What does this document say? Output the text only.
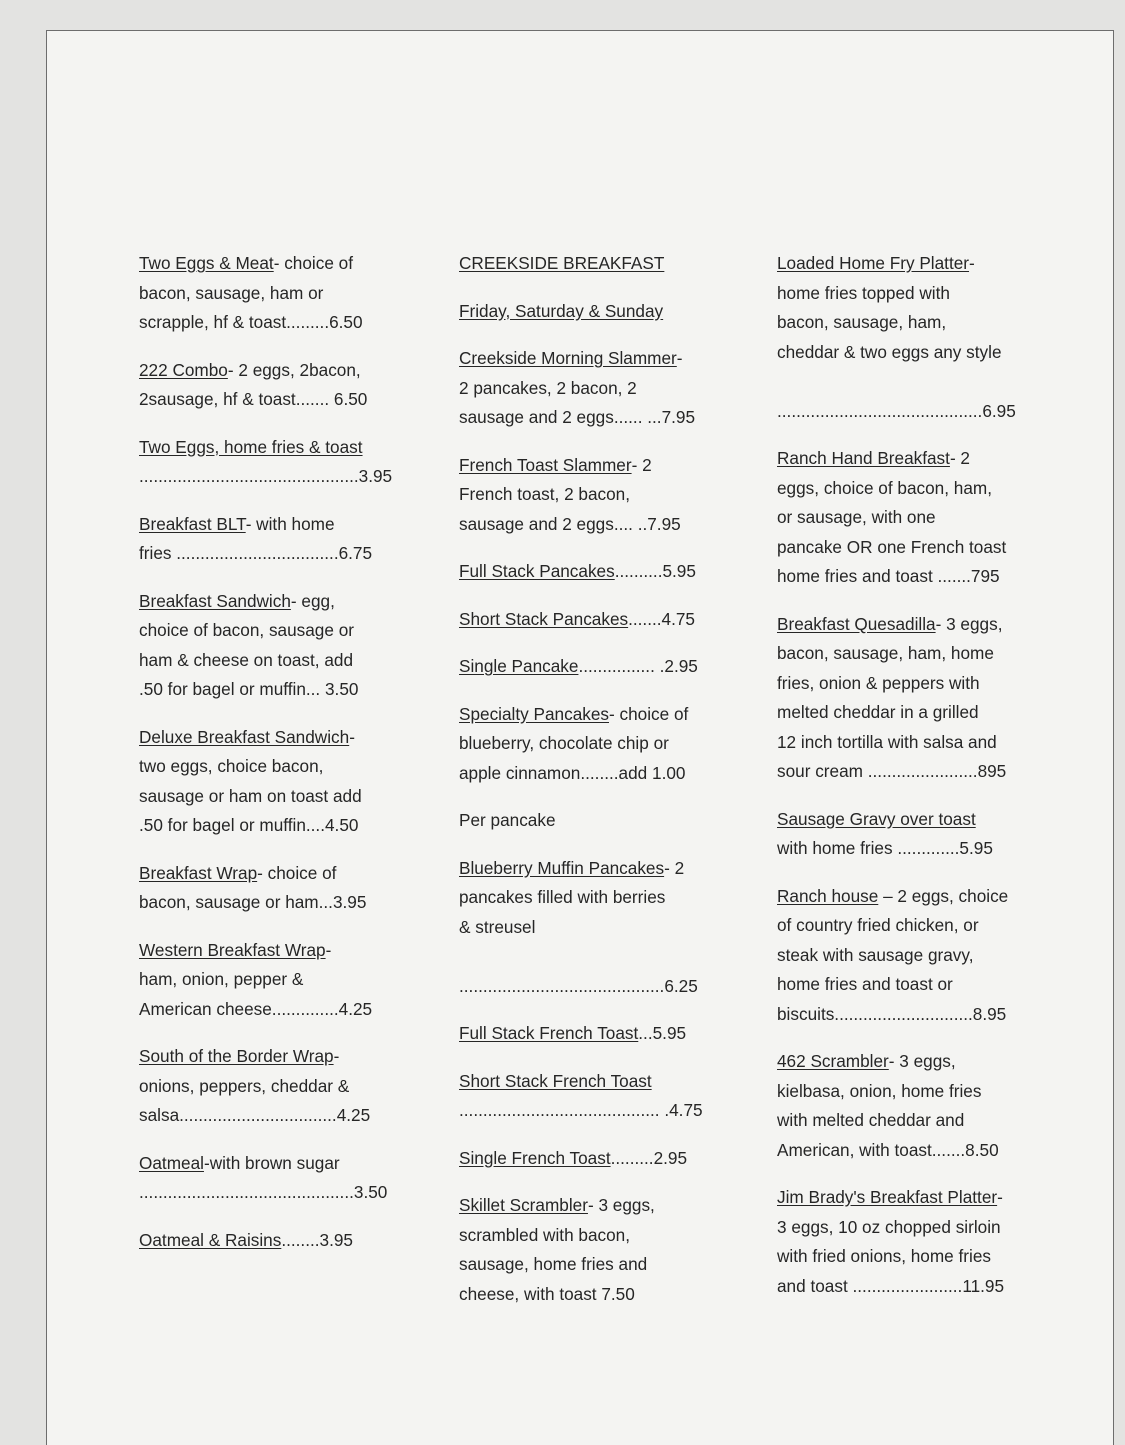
Two Eggs & Meat- choice of
bacon, sausage, ham or
scrapple, hf & toast.........6.50
222 Combo- 2 eggs, 2bacon,
2sausage, hf & toast....... 6.50
Two Eggs, home fries & toast
..............................................3.95
Breakfast BLT- with home
fries ..................................6.75
Breakfast Sandwich- egg,
choice of bacon, sausage or
ham & cheese on toast, add
.50 for bagel or muffin... 3.50
Deluxe Breakfast Sandwich-
two eggs, choice bacon,
sausage or ham on toast add
.50 for bagel or muffin....4.50
Breakfast Wrap- choice of
bacon, sausage or ham...3.95
Western Breakfast Wrap-
ham, onion, pepper &
American cheese..............4.25
South of the Border Wrap-
onions, peppers, cheddar &
salsa.................................4.25
Oatmeal-with brown sugar
.............................................3.50
Oatmeal & Raisins........3.95
CREEKSIDE BREAKFAST
Friday, Saturday & Sunday
Creekside Morning Slammer-
2 pancakes, 2 bacon, 2
sausage and 2 eggs...... ...7.95
French Toast Slammer- 2
French toast, 2 bacon,
sausage and 2 eggs.... ..7.95
Full Stack Pancakes..........5.95
Short Stack Pancakes.......4.75
Single Pancake................ .2.95
Specialty Pancakes- choice of
blueberry, chocolate chip or
apple cinnamon........add 1.00
Per pancake
Blueberry Muffin Pancakes- 2
pancakes filled with berries
& streusel

...........................................6.25
Full Stack French Toast...5.95
Short Stack French Toast
.......................................... .4.75
Single French Toast.........2.95
Skillet Scrambler- 3 eggs,
scrambled with bacon,
sausage, home fries and
cheese, with toast 7.50
Loaded Home Fry Platter-
home fries topped with
bacon, sausage, ham,
cheddar & two eggs any style

...........................................6.95
Ranch Hand Breakfast- 2
eggs, choice of bacon, ham,
or sausage, with one
pancake OR one French toast
home fries and toast .......795
Breakfast Quesadilla- 3 eggs,
bacon, sausage, ham, home
fries, onion & peppers with
melted cheddar in a grilled
12 inch tortilla with salsa and
sour cream .......................895
Sausage Gravy over toast
with home fries .............5.95
Ranch house – 2 eggs, choice
of country fried chicken, or
steak with sausage gravy,
home fries and toast or
biscuits.............................8.95
462 Scrambler- 3 eggs,
kielbasa, onion, home fries
with melted cheddar and
American, with toast.......8.50
Jim Brady's Breakfast Platter-
3 eggs, 10 oz chopped sirloin
with fried onions, home fries
and toast .......................11.95
